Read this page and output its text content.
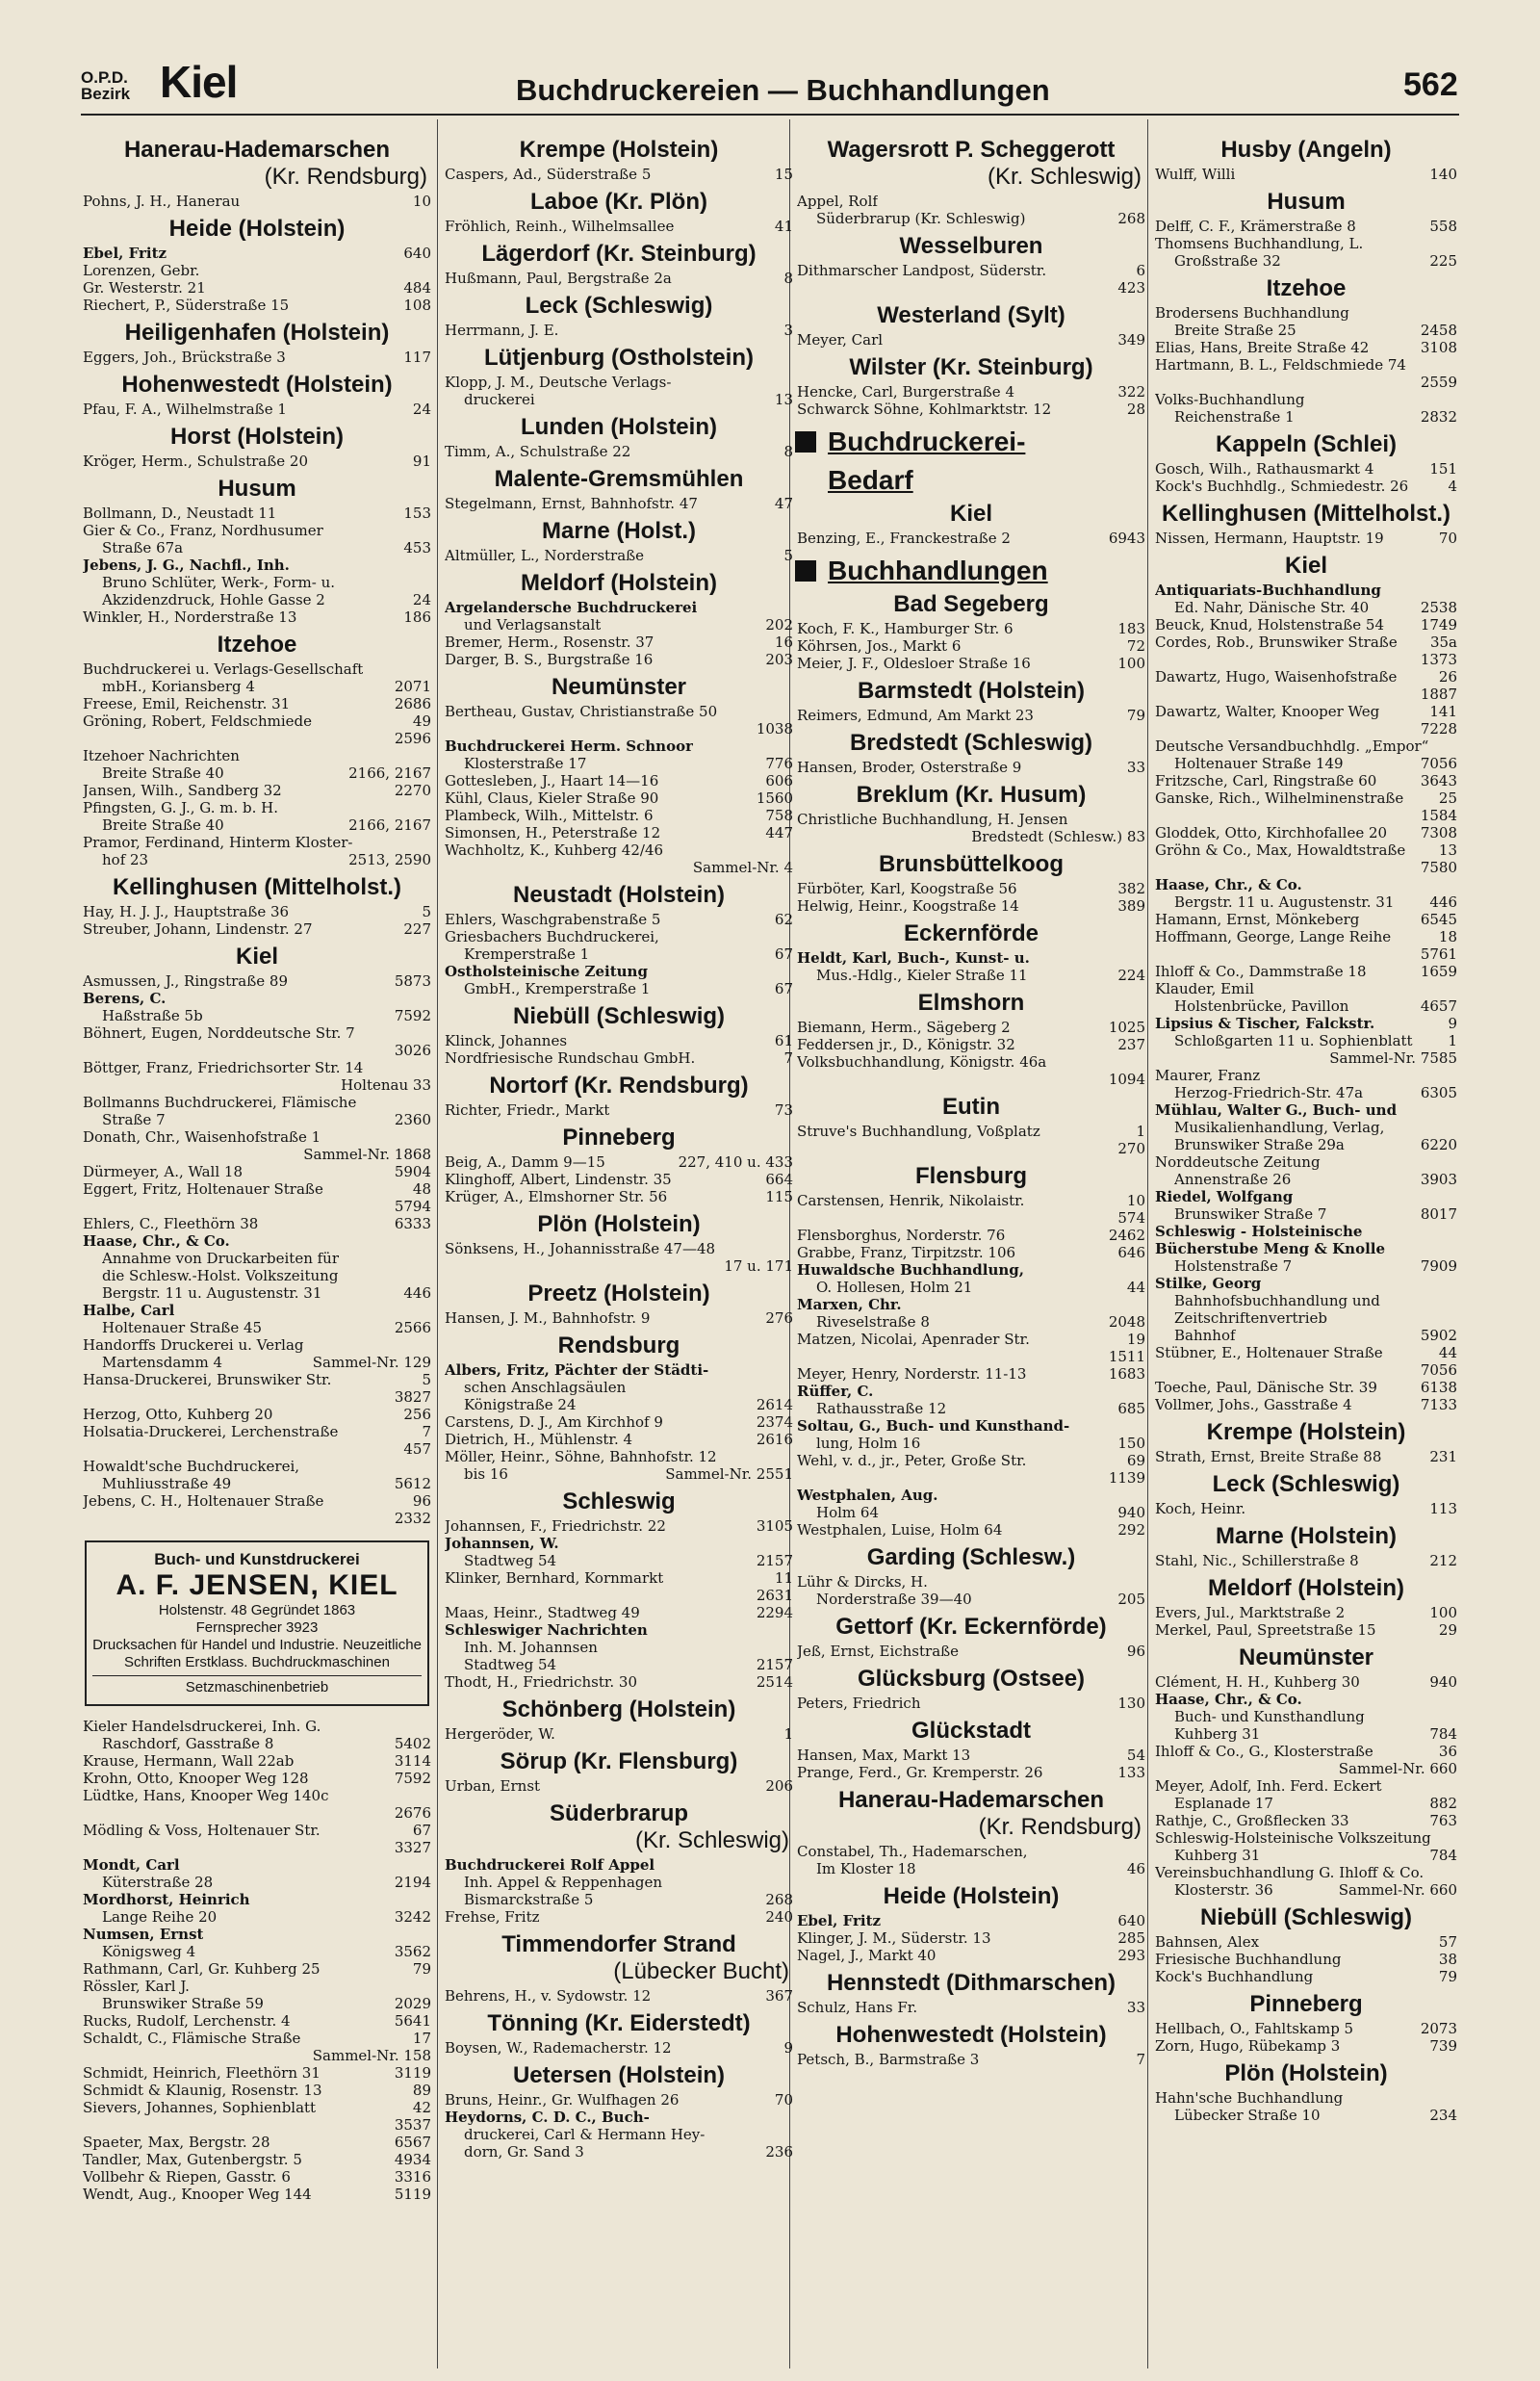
O.P.D.
Bezirk Kiel	Buchdruckereien — Buchhandlungen	562
Hanerau-Hademarschen
(Kr. Rendsburg)
Pohns, J. H., Hanerau	10
Heide (Holstein)
Ebel, Fritz	640
Lorenzen, Gebr.
Gr. Westerstr. 21	484
Riechert, P., Süderstraße 15	108
Heiligenhafen (Holstein)
Eggers, Joh., Brückstraße 3	117
Hohenwestedt (Holstein)
Pfau, F. A., Wilhelmstraße 1	24
Horst (Holstein)
Kröger, Herm., Schulstraße 20	91
Husum
Bollmann, D., Neustadt 11	153
Gier & Co., Franz, Nordhusumer
Straße 67a	453
Jebens, J. G., Nachfl., Inh.
Bruno Schlüter, Werk-, Form- u.
Akzidenzdruck, Hohle Gasse 2	24
Winkler, H., Norderstraße 13	186
Itzehoe
Buchdruckerei u. Verlags-Gesellschaft
mbH., Koriansberg 4	2071
Freese, Emil, Reichenstr. 31	2686
Gröning, Robert, Feldschmiede	49
2596
Itzehoer Nachrichten
Breite Straße 40	2166, 2167
Jansen, Wilh., Sandberg 32	2270
Pfingsten, G. J., G. m. b. H.
Breite Straße 40	2166, 2167
Pramor, Ferdinand, Hinterm Kloster-
hof 23	2513, 2590
Kellinghusen (Mittelholst.)
Hay, H. J. J., Hauptstraße 36	5
Streuber, Johann, Lindenstr. 27	227
Kiel
Asmussen, J., Ringstraße 89	5873
Berens, C.
Haßstraße 5b	7592
Böhnert, Eugen, Norddeutsche Str. 7
3026
Böttger, Franz, Friedrichsorter Str. 14
Holtenau 33
Bollmanns Buchdruckerei, Flämische
Straße 7	2360
Donath, Chr., Waisenhofstraße 1
Sammel-Nr. 1868
Dürmeyer, A., Wall 18	5904
Eggert, Fritz, Holtenauer Straße	48
5794
Ehlers, C., Fleethörn 38	6333
Haase, Chr., & Co.
Annahme von Druckarbeiten für
die Schlesw.-Holst. Volkszeitung
Bergstr. 11 u. Augustenstr. 31	446
Halbe, Carl
Holtenauer Straße 45	2566
Handorffs Druckerei u. Verlag
Martensdamm 4	Sammel-Nr. 129
Hansa-Druckerei, Brunswiker Str.	5
3827
Herzog, Otto, Kuhberg 20	256
Holsatia-Druckerei, Lerchenstraße	7
457
Howaldt'sche Buchdruckerei,
Muhliusstraße 49	5612
Jebens, C. H., Holtenauer Straße	96
2332
Buch- und Kunstdruckerei
A. F. JENSEN, KIEL
Holstenstr. 48 Gegründet 1863
Fernsprecher 3923
Drucksachen für Handel und Industrie. Neuzeitliche Schriften Erstklass. Buchdruckmaschinen
Setzmaschinenbetrieb
Kieler Handelsdruckerei, Inh. G.
Raschdorf, Gasstraße 8	5402
Krause, Hermann, Wall 22ab	3114
Krohn, Otto, Knooper Weg 128	7592
Lüdtke, Hans, Knooper Weg 140c
2676
Mödling & Voss, Holtenauer Str.	67
3327
Mondt, Carl
Küterstraße 28	2194
Mordhorst, Heinrich
Lange Reihe 20	3242
Numsen, Ernst
Königsweg 4	3562
Rathmann, Carl, Gr. Kuhberg 25	79
Rössler, Karl J.
Brunswiker Straße 59	2029
Rucks, Rudolf, Lerchenstr. 4	5641
Schaldt, C., Flämische Straße	17
Sammel-Nr. 158
Schmidt, Heinrich, Fleethörn 31	3119
Schmidt & Klaunig, Rosenstr. 13	89
Sievers, Johannes, Sophienblatt	42
3537
Spaeter, Max, Bergstr. 28	6567
Tandler, Max, Gutenbergstr. 5	4934
Vollbehr & Riepen, Gasstr. 6	3316
Wendt, Aug., Knooper Weg 144	5119
Krempe (Holstein)
Caspers, Ad., Süderstraße 5	15
Laboe (Kr. Plön)
Fröhlich, Reinh., Wilhelmsallee	41
Lägerdorf (Kr. Steinburg)
Hußmann, Paul, Bergstraße 2a	8
Leck (Schleswig)
Herrmann, J. E.	3
Lütjenburg (Ostholstein)
Klopp, J. M., Deutsche Verlags-
druckerei	13
Lunden (Holstein)
Timm, A., Schulstraße 22	8
Malente-Gremsmühlen
Stegelmann, Ernst, Bahnhofstr. 47	47
Marne (Holst.)
Altmüller, L., Norderstraße	5
Meldorf (Holstein)
Argelandersche Buchdruckerei
und Verlagsanstalt	202
Bremer, Herm., Rosenstr. 37	16
Darger, B. S., Burgstraße 16	203
Neumünster
Bertheau, Gustav, Christianstraße 50
1038
Buchdruckerei Herm. Schnoor
Klosterstraße 17	776
Gottesleben, J., Haart 14—16	606
Kühl, Claus, Kieler Straße 90	1560
Plambeck, Wilh., Mittelstr. 6	758
Simonsen, H., Peterstraße 12	447
Wachholtz, K., Kuhberg 42/46
Sammel-Nr. 4
Neustadt (Holstein)
Ehlers, Waschgrabenstraße 5	62
Griesbachers Buchdruckerei,
Kremperstraße 1	67
Ostholsteinische Zeitung
GmbH., Kremperstraße 1	67
Niebüll (Schleswig)
Klinck, Johannes	61
Nordfriesische Rundschau GmbH.	7
Nortorf (Kr. Rendsburg)
Richter, Friedr., Markt	73
Pinneberg
Beig, A., Damm 9—15	227, 410 u. 433
Klinghoff, Albert, Lindenstr. 35	664
Krüger, A., Elmshorner Str. 56	115
Plön (Holstein)
Sönksens, H., Johannisstraße 47—48
17 u. 171
Preetz (Holstein)
Hansen, J. M., Bahnhofstr. 9	276
Rendsburg
Albers, Fritz, Pächter der Städti-
schen Anschlagsäulen
Königstraße 24	2614
Carstens, D. J., Am Kirchhof 9	2374
Dietrich, H., Mühlenstr. 4	2616
Möller, Heinr., Söhne, Bahnhofstr. 12
bis 16	Sammel-Nr. 2551
Schleswig
Johannsen, F., Friedrichstr. 22	3105
Johannsen, W.
Stadtweg 54	2157
Klinker, Bernhard, Kornmarkt	11
2631
Maas, Heinr., Stadtweg 49	2294
Schleswiger Nachrichten
Inh. M. Johannsen
Stadtweg 54	2157
Thodt, H., Friedrichstr. 30	2514
Schönberg (Holstein)
Hergeröder, W.	1
Sörup (Kr. Flensburg)
Urban, Ernst	206
Süderbrarup
(Kr. Schleswig)
Buchdruckerei Rolf Appel
Inh. Appel & Reppenhagen
Bismarckstraße 5	268
Frehse, Fritz	240
Timmendorfer Strand
(Lübecker Bucht)
Behrens, H., v. Sydowstr. 12	367
Tönning (Kr. Eiderstedt)
Boysen, W., Rademacherstr. 12	9
Uetersen (Holstein)
Bruns, Heinr., Gr. Wulfhagen 26	70
Heydorns, C. D. C., Buch-
druckerei, Carl & Hermann Hey-
dorn, Gr. Sand 3	236
Wagersrott P. Scheggerott
(Kr. Schleswig)
Appel, Rolf
Süderbrarup (Kr. Schleswig)	268
Wesselburen
Dithmarscher Landpost, Süderstr.	6
423
Westerland (Sylt)
Meyer, Carl	349
Wilster (Kr. Steinburg)
Hencke, Carl, Burgerstraße 4	322
Schwarck Söhne, Kohlmarktstr. 12	28
Buchdruckerei-
Bedarf
Kiel
Benzing, E., Franckestraße 2	6943
Buchhandlungen
Bad Segeberg
Koch, F. K., Hamburger Str. 6	183
Köhrsen, Jos., Markt 6	72
Meier, J. F., Oldesloer Straße 16	100
Barmstedt (Holstein)
Reimers, Edmund, Am Markt 23	79
Bredstedt (Schleswig)
Hansen, Broder, Osterstraße 9	33
Breklum (Kr. Husum)
Christliche Buchhandlung, H. Jensen
Bredstedt (Schlesw.) 83
Brunsbüttelkoog
Fürböter, Karl, Koogstraße 56	382
Helwig, Heinr., Koogstraße 14	389
Eckernförde
Heldt, Karl, Buch-, Kunst- u.
Mus.-Hdlg., Kieler Straße 11	224
Elmshorn
Biemann, Herm., Sägeberg 2	1025
Feddersen jr., D., Königstr. 32	237
Volksbuchhandlung, Königstr. 46a
1094
Eutin
Struve's Buchhandlung, Voßplatz	1
270
Flensburg
Carstensen, Henrik, Nikolaistr.	10
574
Flensborghus, Norderstr. 76	2462
Grabbe, Franz, Tirpitzstr. 106	646
Huwaldsche Buchhandlung,
O. Hollesen, Holm 21	44
Marxen, Chr.
Riveselstraße 8	2048
Matzen, Nicolai, Apenrader Str.	19
1511
Meyer, Henry, Norderstr. 11-13	1683
Rüffer, C.
Rathausstraße 12	685
Soltau, G., Buch- und Kunsthand-
lung, Holm 16	150
Wehl, v. d., jr., Peter, Große Str.	69
1139
Westphalen, Aug.
Holm 64	940
Westphalen, Luise, Holm 64	292
Garding (Schlesw.)
Lühr & Dircks, H.
Norderstraße 39—40	205
Gettorf (Kr. Eckernförde)
Jeß, Ernst, Eichstraße	96
Glücksburg (Ostsee)
Peters, Friedrich	130
Glückstadt
Hansen, Max, Markt 13	54
Prange, Ferd., Gr. Kremperstr. 26	133
Hanerau-Hademarschen
(Kr. Rendsburg)
Constabel, Th., Hademarschen,
Im Kloster 18	46
Heide (Holstein)
Ebel, Fritz	640
Klinger, J. M., Süderstr. 13	285
Nagel, J., Markt 40	293
Hennstedt (Dithmarschen)
Schulz, Hans Fr.	33
Hohenwestedt (Holstein)
Petsch, B., Barmstraße 3	7
Husby (Angeln)
Wulff, Willi	140
Husum
Delff, C. F., Krämerstraße 8	558
Thomsens Buchhandlung, L.
Großstraße 32	225
Itzehoe
Brodersens Buchhandlung
Breite Straße 25	2458
Elias, Hans, Breite Straße 42	3108
Hartmann, B. L., Feldschmiede 74
2559
Volks-Buchhandlung
Reichenstraße 1	2832
Kappeln (Schlei)
Gosch, Wilh., Rathausmarkt 4	151
Kock's Buchhdlg., Schmiedestr. 26	4
Kellinghusen (Mittelholst.)
Nissen, Hermann, Hauptstr. 19	70
Kiel
Antiquariats-Buchhandlung
Ed. Nahr, Dänische Str. 40	2538
Beuck, Knud, Holstenstraße 54	1749
Cordes, Rob., Brunswiker Straße 35a
1373
Dawartz, Hugo, Waisenhofstraße	26
1887
Dawartz, Walter, Knooper Weg	141
7228
Deutsche Versandbuchhdlg. „Empor“
Holtenauer Straße 149	7056
Fritzsche, Carl, Ringstraße 60	3643
Ganske, Rich., Wilhelminenstraße 25
1584
Gloddek, Otto, Kirchhofallee 20 7308
Gröhn & Co., Max, Howaldtstraße 13
7580
Haase, Chr., & Co.
Bergstr. 11 u. Augustenstr. 31 446
Hamann, Ernst, Mönkeberg	6545
Hoffmann, George, Lange Reihe	18
5761
Ihloff & Co., Dammstraße 18	1659
Klauder, Emil
Holstenbrücke, Pavillon	4657
Lipsius & Tischer, Falckstr.	9
Schloßgarten 11 u. Sophienblatt 1
Sammel-Nr. 7585
Maurer, Franz
Herzog-Friedrich-Str. 47a	6305
Mühlau, Walter G., Buch- und
Musikalienhandlung, Verlag,
Brunswiker Straße 29a	6220
Norddeutsche Zeitung
Annenstraße 26	3903
Riedel, Wolfgang
Brunswiker Straße 7	8017
Schleswig - Holsteinische
Bücherstube Meng & Knolle
Holstenstraße 7	7909
Stilke, Georg
Bahnhofsbuchhandlung und
Zeitschriftenvertrieb
Bahnhof	5902
Stübner, E., Holtenauer Straße	44
7056
Toeche, Paul, Dänische Str. 39	6138
Vollmer, Johs., Gasstraße 4	7133
Krempe (Holstein)
Strath, Ernst, Breite Straße 88	231
Leck (Schleswig)
Koch, Heinr.	113
Marne (Holstein)
Stahl, Nic., Schillerstraße 8	212
Meldorf (Holstein)
Evers, Jul., Marktstraße 2	100
Merkel, Paul, Spreetstraße 15	29
Neumünster
Clément, H. H., Kuhberg 30	940
Haase, Chr., & Co.
Buch- und Kunsthandlung
Kuhberg 31	784
Ihloff & Co., G., Klosterstraße	36
Sammel-Nr. 660
Meyer, Adolf, Inh. Ferd. Eckert
Esplanade 17	882
Rathje, C., Großflecken 33	763
Schleswig-Holsteinische Volkszeitung
Kuhberg 31	784
Vereinsbuchhandlung G. Ihloff & Co.
Klosterstr. 36	Sammel-Nr. 660
Niebüll (Schleswig)
Bahnsen, Alex	57
Friesische Buchhandlung	38
Kock's Buchhandlung	79
Pinneberg
Hellbach, O., Fahltskamp 5	2073
Zorn, Hugo, Rübekamp 3	739
Plön (Holstein)
Hahn'sche Buchhandlung
Lübecker Straße 10	234
